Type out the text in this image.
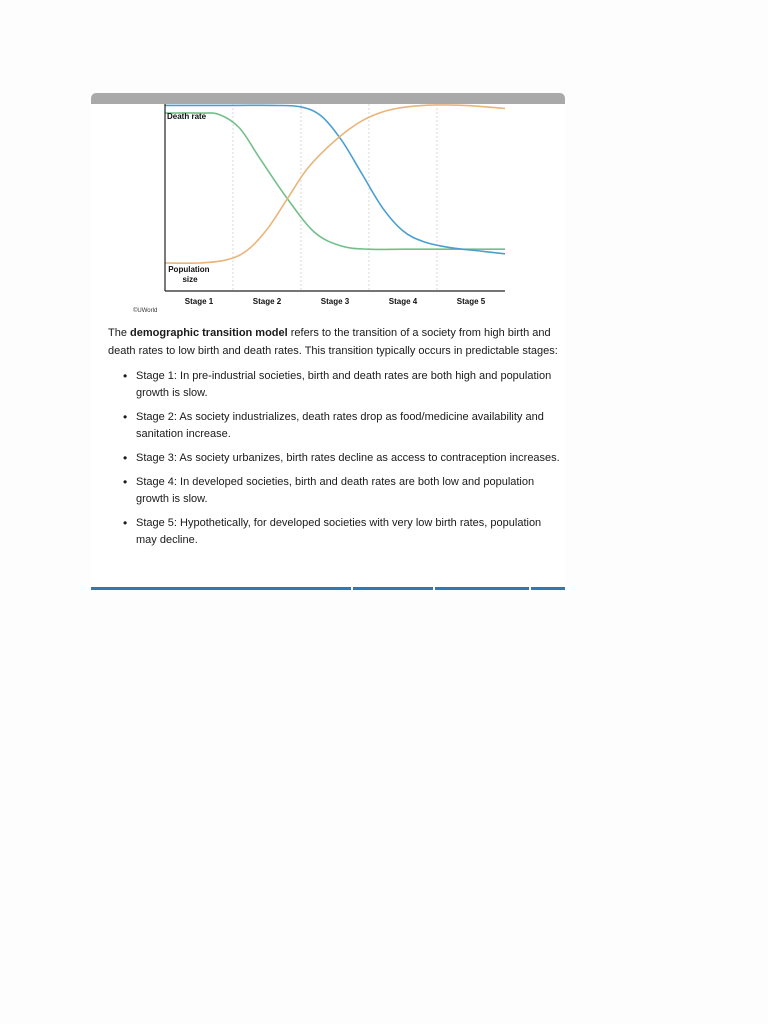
Death rate
Population size
Stage 1	Stage 2	Stage 3	Stage 4	Stage 5
©UWorld

The demographic transition model refers to the transition of a society from high birth and death rates to low birth and death rates. This transition typically occurs in predictable stages:

• Stage 1: In pre-industrial societies, birth and death rates are both high and population growth is slow.
• Stage 2: As society industrializes, death rates drop as food/medicine availability and sanitation increase.
• Stage 3: As society urbanizes, birth rates decline as access to contraception increases.
• Stage 4: In developed societies, birth and death rates are both low and population growth is slow.
• Stage 5: Hypothetically, for developed societies with very low birth rates, population may decline.
